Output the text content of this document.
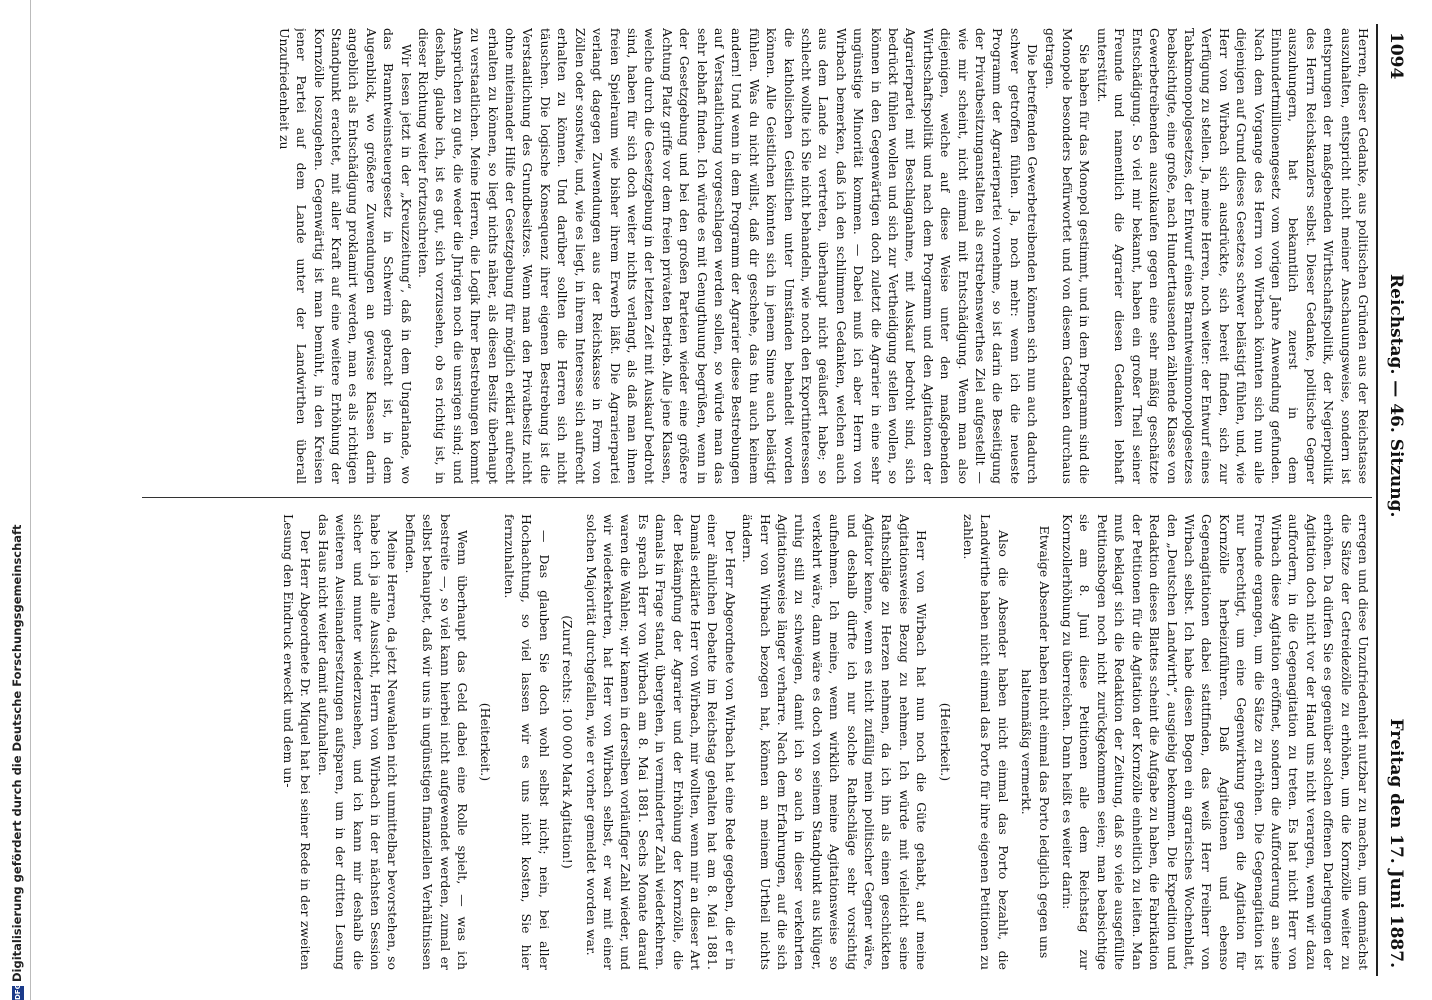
DFGDigitalisierung gefördert durch die Deutsche Forschungsgemeinschaft
1094
Reichstag. — 46. Sitzung.
Freitag den 17. Juni 1887.

Herren, dieser Gedanke, aus politischen Gründen aus der Reichstasse auszuhalten, entspricht nicht meiner Anschauungsweise, sondern ist entsprungen der maßgebenden Wirthschaftspolitik, der Negierpolitik des Herrn Reichskanzlers selbst. Dieser Gedanke, politische Gegner auszuhungern, hat bekanntlich zuerst in dem Einhundertmillionengesetz vom vorigen Jahre Anwendung gefunden. Nach dem Vorgange des Herrn von Wirbach könnten sich nun alle diejenigen auf Grund dieses Gesetzes schwer belästigt fühlen, und, wie Herr von Wirbach sich ausdrückte, sich bereit finden, sich zur Verfügung zu stellen. Ja, meine Herren, noch weiter: der Entwurf eines Tabakmonopolgesetzes, der Entwurf eines Branntweinmonopolgesetzes beabsichtigte, eine große, nach Hunderttausenden zählende Klasse von Gewerbetreibenden auszukaufen gegen eine sehr mäßig geschätzte Entschädigung. So viel mir bekannt, haben ein großer Theil seiner Freunde und namentlich die Agrarier diesen Gedanken lebhaft unterstützt.

Sie haben für das Monopol gestimmt, und in dem Programm sind die Monopole besonders befürwortet und von diesem Gedanken durchaus getragen.

Die betreffenden Gewerbetreibenden können sich nun auch dadurch schwer getroffen fühlen. Ja, noch mehr: wenn ich die neueste Programm der Agrarierpartei vornehme, so ist darin die Beseitigung der Privatbesitzunganstalten als erstrebenswerthes Ziel aufgestellt — wie mir scheint, nicht einmal mit Entschädigung. Wenn man also diejenigen, welche auf diese Weise unter den maßgebenden Wirthschaftspolitik und nach dem Programm und den Agitationen der Agrarierpartei mit Beschlagnahme, mit Auskauf bedroht sind, sich bedrückt fühlen wollen und sich zur Vertheidigung stellen wollen, so können in den Gegenwärtigen doch zuletzt die Agrarier in eine sehr ungünstige Minorität kommen. — Dabei muß ich aber Herrn von Wirbach bemerken, daß ich den schlimmen Gedanken, welchen auch aus dem Lande zu vertreten, überhaupt nicht geäußert habe; so schlecht wollte ich Sie nicht behandeln, wie noch den Exportinteressen die katholischen Geistlichen unter Umständen behandelt worden können. Alle Geistlichen könnten sich in jenem Sinne auch belästigt fühlen. Was du nicht willst, daß dir geschehe, das thu auch keinem andern! Und wenn in dem Programm der Agrarier diese Bestrebungen auf Verstaatlichung vorgeschlagen werden sollen, so würde man das sehr lebhaft finden. Ich würde es mit Genugthuung begrüßen, wenn in der Gesetzgebung und bei den großen Parteien wieder eine größere Achtung Platz griffe vor dem freien privaten Betrieb. Alle jene Klassen, welche durch die Gesetzgebung in der letzten Zeit mit Auskauf bedroht sind, haben für sich doch weiter nichts verlangt, als daß man ihnen freien Spielraum wie bisher ihrem Erwerb läßt. Die Agrarierpartei verlangt dagegen Zuwendungen aus der Reichskasse in Form von Zöllen oder sonstwie, und, wie es liegt, in ihrem Interesse sich aufrecht erhalten zu können. Und darüber sollten die Herren sich nicht täuschen. Die logische Konsequenz ihrer eigenen Bestrebung ist die Verstaatlichung des Grundbesitzes. Wenn man den Privatbesitz nicht ohne miteinander Hilfe der Gesetzgebung für möglich erklärt aufrecht erhalten zu können, so liegt nichts näher, als diesen Besitz überhaupt zu verstaatlichen. Meine Herren, die Logik Ihrer Bestrebungen kommt Ansprüchen zu gute, die weder die Jhrigen noch die unsrigen sind; und deshalb, glaube ich, ist es gut, sich vorzusehen, ob es richtig ist, in dieser Richtung weiter fortzuschreiten.

Wir lesen jetzt in der „Kreuzzeitung“, daß in dem Ungarlande, wo das Branntweinsteuergesetz in Schwerin gebracht ist, in dem Augenblick, wo größere Zuwendungen an gewisse Klassen darin angeblich als Entschädigung proklamirt werden, man es als richtigen Standpunkt erachtet, mit aller Kraft auf eine weitere Erhöhung der Kornzölle loszugehen. Gegenwärtig ist man bemüht, in den Kreisen jener Partei auf dem Lande unter der Landwirthen überall Unzufriedenheit zu

erregen und diese Unzufriedenheit nutzbar zu machen, um demnächst die Sätze der Getreidezölle zu erhöhen, um die Kornzölle weiter zu erhöhen. Da dürfen Sie es gegenüber solchen offenen Darlegungen der Agitation doch nicht vor der Hand uns nicht verargen, wenn wir dazu auffordern, in die Gegenagitation zu treten. Es hat nicht Herr von Wirbach diese Agitation eröffnet, sondern die Aufforderung an seine Freunde ergangen, um die Sätze zu erhöhen. Die Gegenagitation ist nur berechtigt, um eine Gegenwirkung gegen die Agitation für Kornzölle herbeizuführen. Daß Agitationen und ebenso Gegenagitationen dabei stattfinden, das weiß Herr Freiherr von Wirbach selbst. Ich habe diesen Bogen ein agrarisches Wochenblatt, den „Deutschen Landwirth“, ausgiebig bekommen. Die Expedition und Redaktion dieses Blattes scheint die Aufgabe zu haben, die Fabrikation der Petitionen für die Agitation der Kornzölle einheitlich zu leiten. Man muß beklagt sich die Redaktion der Zeitung, daß so viele ausgefüllte Petitionsbogen noch nicht zurückgekommen seien; man beabsichtige sie am 8. Juni diese Petitionen alle dem Reichstag zur Kornzollerhöhung zu überreichen. Dann heißt es weiter darin:

Etwaige Absender haben nicht einmal das Porto lediglich gegen uns haltenmäßig vermerkt.

Also die Absender haben nicht einmal das Porto bezahlt, die Landwirthe haben nicht einmal das Porto für ihre eigenen Petitionen zu zahlen.

(Heiterkeit.)

Herr von Wirbach hat nun noch die Güte gehabt, auf meine Agitationsweise Bezug zu nehmen. Ich würde mit vielleicht seine Rathschläge zu Herzen nehmen, da ich ihn als einen geschickten Agitator kenne, wenn es nicht zufällig mein politischer Gegner wäre, und deshalb dürfte ich nur solche Rathschläge sehr vorsichtig aufnehmen. Ich meine, wenn wirklich meine Agitationsweise so verkehrt wäre, dann wäre es doch von seinem Standpunkt aus klüger, ruhig still zu schweigen, damit ich so auch in dieser verkehrten Agitationsweise länger verharre. Nach dem Erfahrungen, auf die sich Herr von Wirbach bezogen hat, können an meinem Urtheil nichts ändern.

Der Herr Abgeordnete von Wirbach hat eine Rede gegeben, die er in einer ähnlichen Debatte im Reichstag gehalten hat am 8. Mai 1881. Damals erklärte Herr von Wirbach, mir wollten, wenn mir an dieser Art der Bekämpfung der Agrarier und der Erhöhung der Kornzölle, die damals in Frage stand, übergehen, in verminderter Zahl wiederkehren. Es sprach Herr von Wirbach am 8. Mai 1881. Sechs Monate darauf waren die Wahlen; wir kamen in derselben vorläufiger Zahl wieder, und wir wiederkehrten, hat Herr von Wirbach selbst, er war mit einer solchen Majorität durchgefallen, wie er vorher gemeldet worden war.

(Zuruf rechts: 100 000 Mark Agitation!)

— Das glauben Sie doch wohl selbst nicht; nein, bei aller Hochachtung, so viel lassen wir es uns nicht kosten, Sie hier fernzuhalten.

(Heiterkeit.)

Wenn überhaupt das Geld dabei eine Rolle spielt, — was ich bestreite —, so viel kann hierbei nicht aufgewendet werden, zumal er selbst behauptet, daß wir uns in ungünstigen finanziellen Verhältnissen befinden.

Meine Herren, da jetzt Neuwahlen nicht unmittelbar bevorstehen, so habe ich ja alle Aussicht, Herrn von Wirbach in der nächsten Session sicher und munter wiederzusehen, und ich kann mir deshalb die weiteren Auseinandersetzungen aufsparen, um in der dritten Lesung das Haus nicht weiter damit aufzuhalten.

Der Herr Abgeordnete Dr. Miquel hat bei seiner Rede in der zweiten Lesung den Eindruck erweckt und dem un-
